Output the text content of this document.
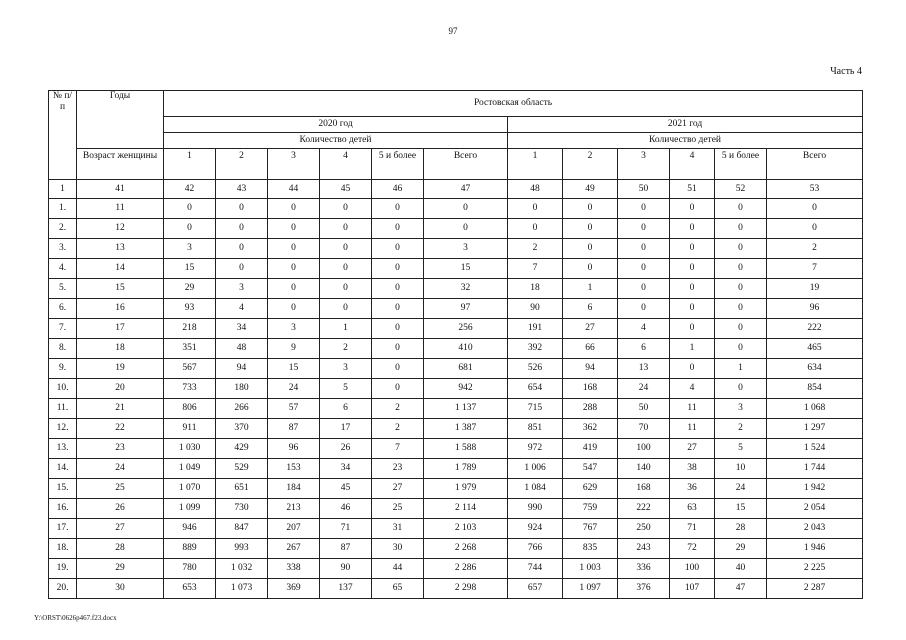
97
Часть 4
№ п/п	Годы	Ростовская область											
		2020 год						2021 год					
		Количество детей						Количество детей					
	Возраст женщины	1	2	3	4	5 и более	Всего	1	2	3	4	5 и более	Всего
1	41	42	43	44	45	46	47	48	49	50	51	52	53
1.	11	0	0	0	0	0	0	0	0	0	0	0	0
2.	12	0	0	0	0	0	0	0	0	0	0	0	0
3.	13	3	0	0	0	0	3	2	0	0	0	0	2
4.	14	15	0	0	0	0	15	7	0	0	0	0	7
5.	15	29	3	0	0	0	32	18	1	0	0	0	19
6.	16	93	4	0	0	0	97	90	6	0	0	0	96
7.	17	218	34	3	1	0	256	191	27	4	0	0	222
8.	18	351	48	9	2	0	410	392	66	6	1	0	465
9.	19	567	94	15	3	0	681	526	94	13	0	1	634
10.	20	733	180	24	5	0	942	654	168	24	4	0	854
11.	21	806	266	57	6	2	1 137	715	288	50	11	3	1 068
12.	22	911	370	87	17	2	1 387	851	362	70	11	2	1 297
13.	23	1 030	429	96	26	7	1 588	972	419	100	27	5	1 524
14.	24	1 049	529	153	34	23	1 789	1 006	547	140	38	10	1 744
15.	25	1 070	651	184	45	27	1 979	1 084	629	168	36	24	1 942
16.	26	1 099	730	213	46	25	2 114	990	759	222	63	15	2 054
17.	27	946	847	207	71	31	2 103	924	767	250	71	28	2 043
18.	28	889	993	267	87	30	2 268	766	835	243	72	29	1 946
19.	29	780	1 032	338	90	44	2 286	744	1 003	336	100	40	2 225
20.	30	653	1 073	369	137	65	2 298	657	1 097	376	107	47	2 287
Y:\ORST\0626p467.f23.docx
